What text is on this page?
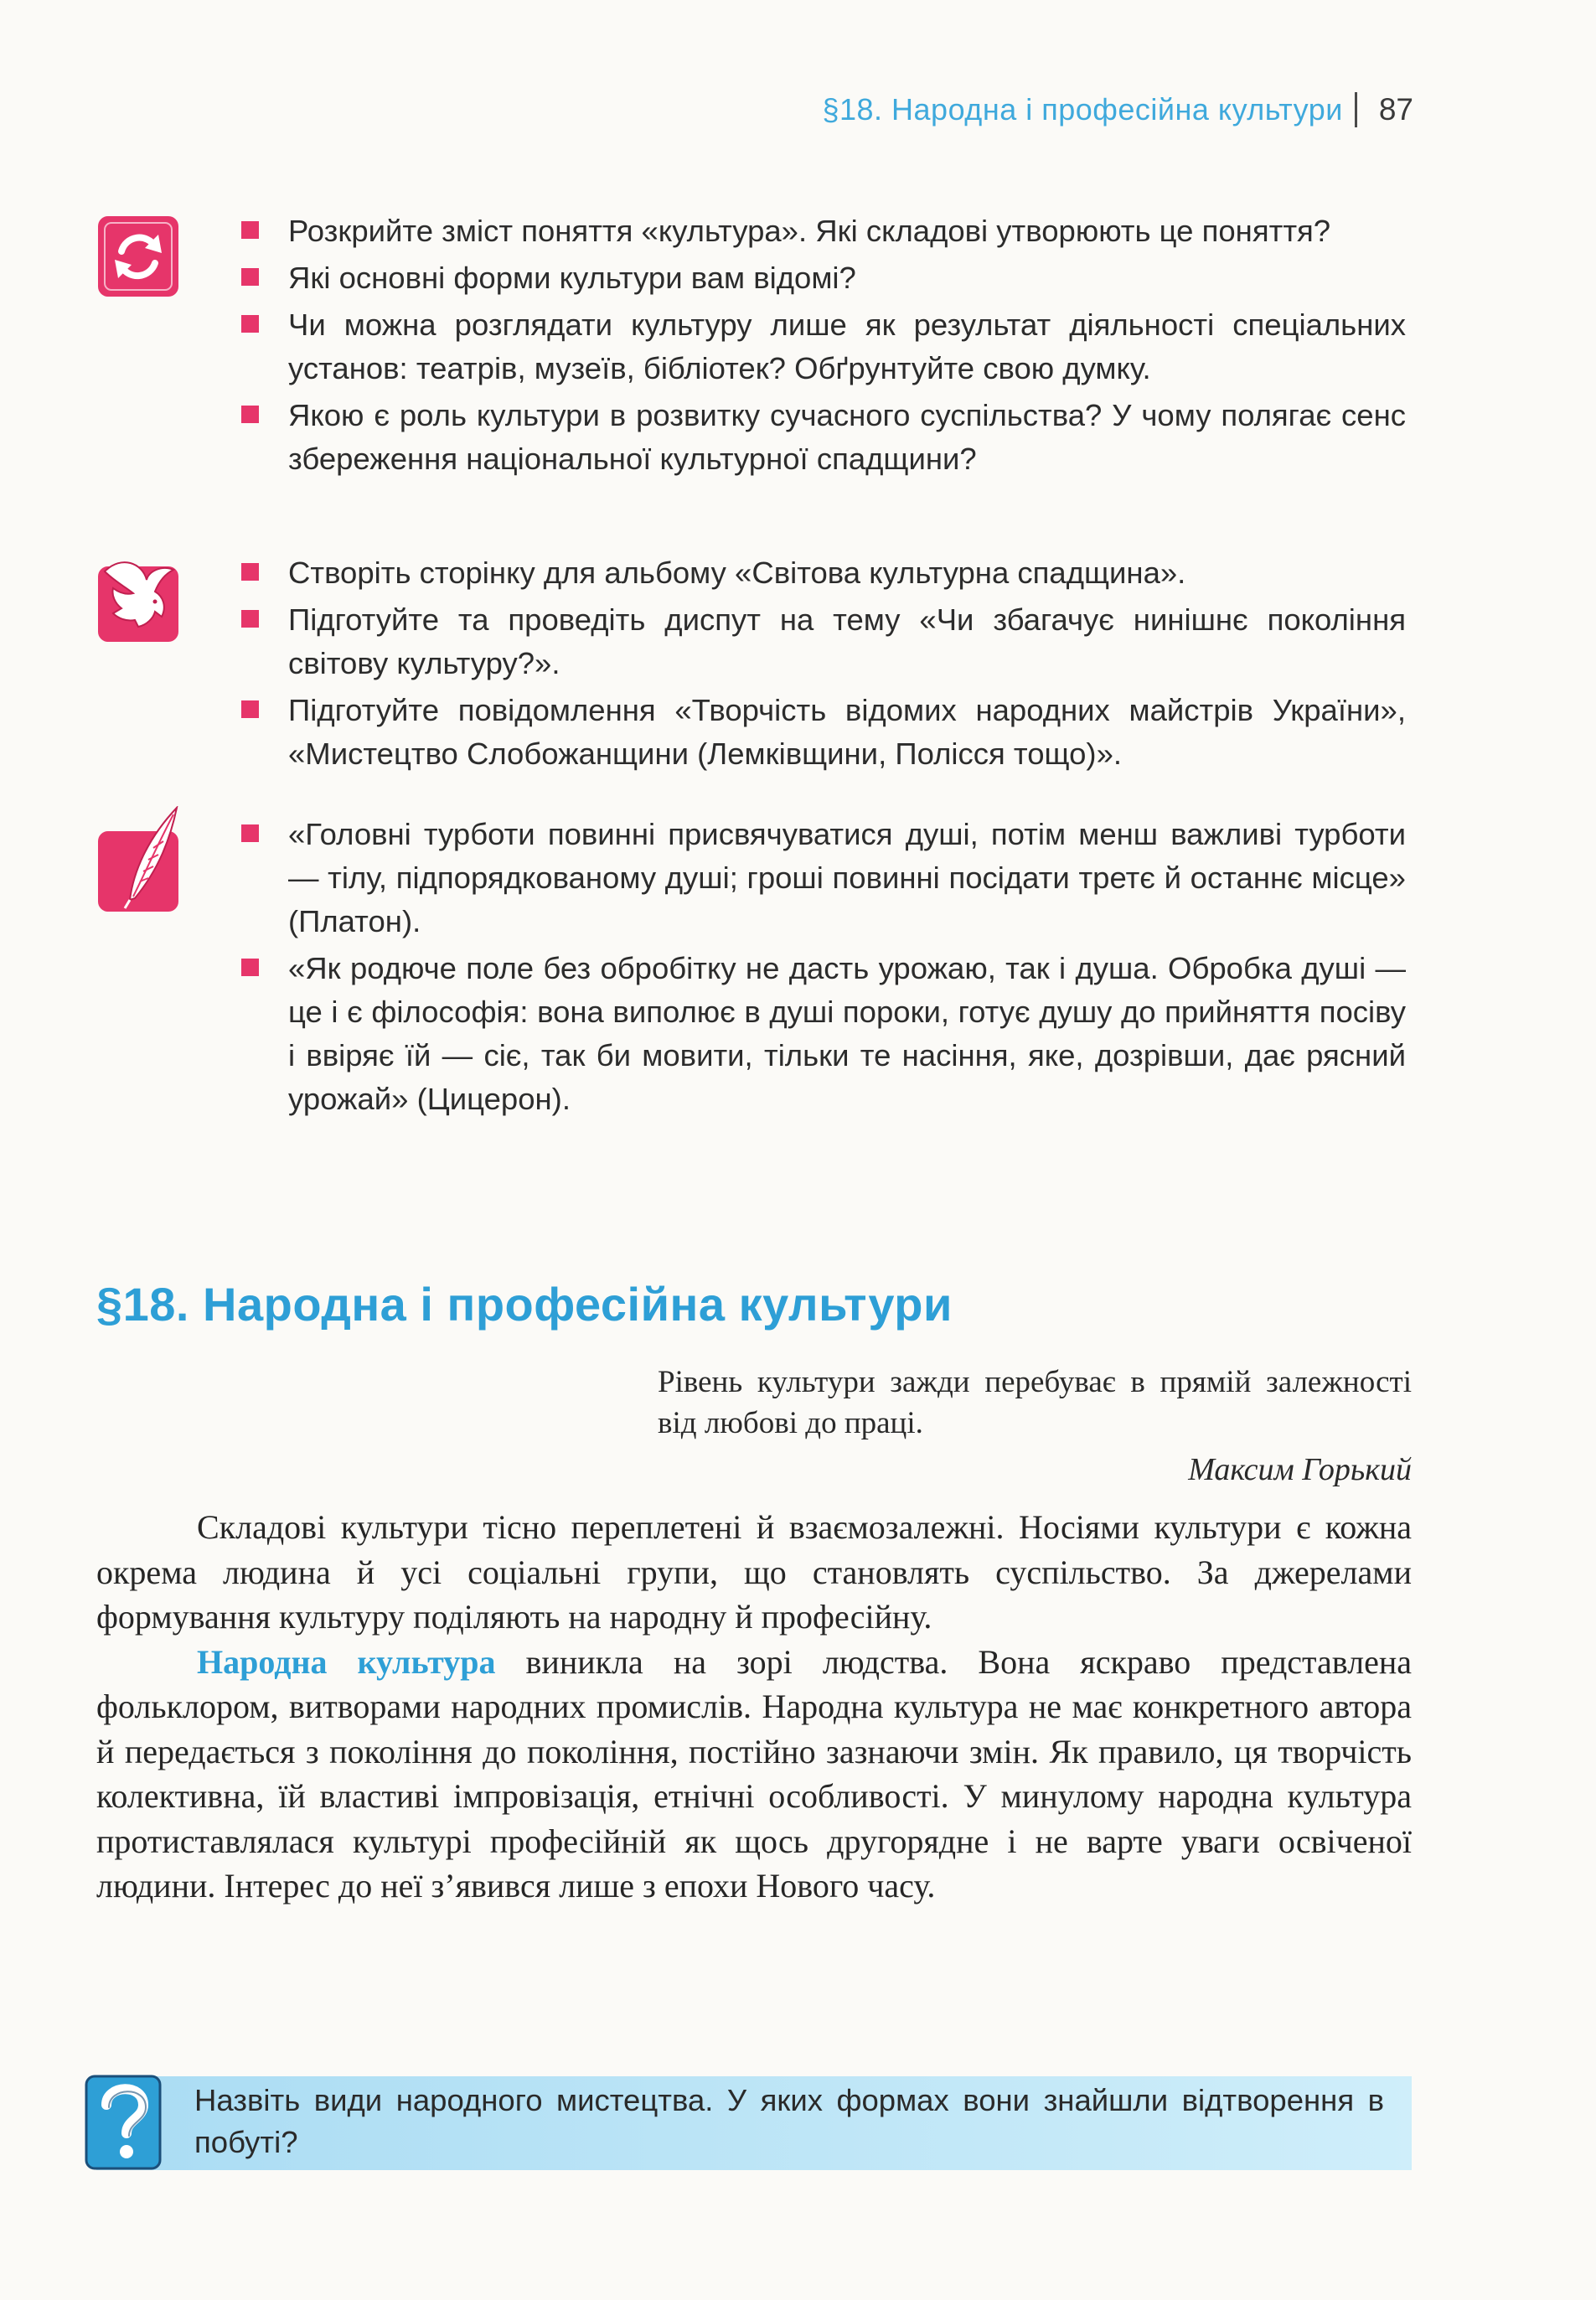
§18. Народна і професійна культури 87
Розкрийте зміст поняття «культура». Які складові утворюють це поняття?
Які основні форми культури вам відомі?
Чи можна розглядати культуру лише як результат діяльності спеціальних установ: театрів, музеїв, бібліотек? Обґрунтуйте свою думку.
Якою є роль культури в розвитку сучасного суспільства? У чому полягає сенс збереження національної культурної спадщини?
Створіть сторінку для альбому «Світова культурна спадщина».
Підготуйте та проведіть диспут на тему «Чи збагачує нинішнє покоління світову культуру?».
Підготуйте повідомлення «Творчість відомих народних майстрів України», «Мистецтво Слобожанщини (Лемківщини, Полісся тощо)».
«Головні турботи повинні присвячуватися душі, потім менш важливі турботи — тілу, підпорядкованому душі; гроші повинні посідати третє й останнє місце» (Платон).
«Як родюче поле без обробітку не дасть урожаю, так і душа. Обробка душі — це і є філософія: вона виполює в душі пороки, готує душу до прийняття посіву і ввіряє їй — сіє, так би мовити, тільки те насіння, яке, дозрівши, дає рясний урожай» (Цицерон).
§18. Народна і професійна культури
Рівень культури зажди перебуває в прямій залежності від любові до праці.
Максим Горький

Складові культури тісно переплетені й взаємозалежні. Носіями культури є кожна окрема людина й усі соціальні групи, що становлять суспільство. За джерелами формування культуру поділяють на народну й професійну.

Народна культура виникла на зорі людства. Вона яскраво представлена фольклором, витворами народних промислів. Народна культура не має конкретного автора й передається з покоління до покоління, постійно зазнаючи змін. Як правило, ця творчість колективна, їй властиві імпровізація, етнічні особливості. У минулому народна культура протиставлялася культурі професійній як щось другорядне і не варте уваги освіченої людини. Інтерес до неї з’явився лише з епохи Нового часу.

Назвіть види народного мистецтва. У яких формах вони знайшли відтворення в побуті?
